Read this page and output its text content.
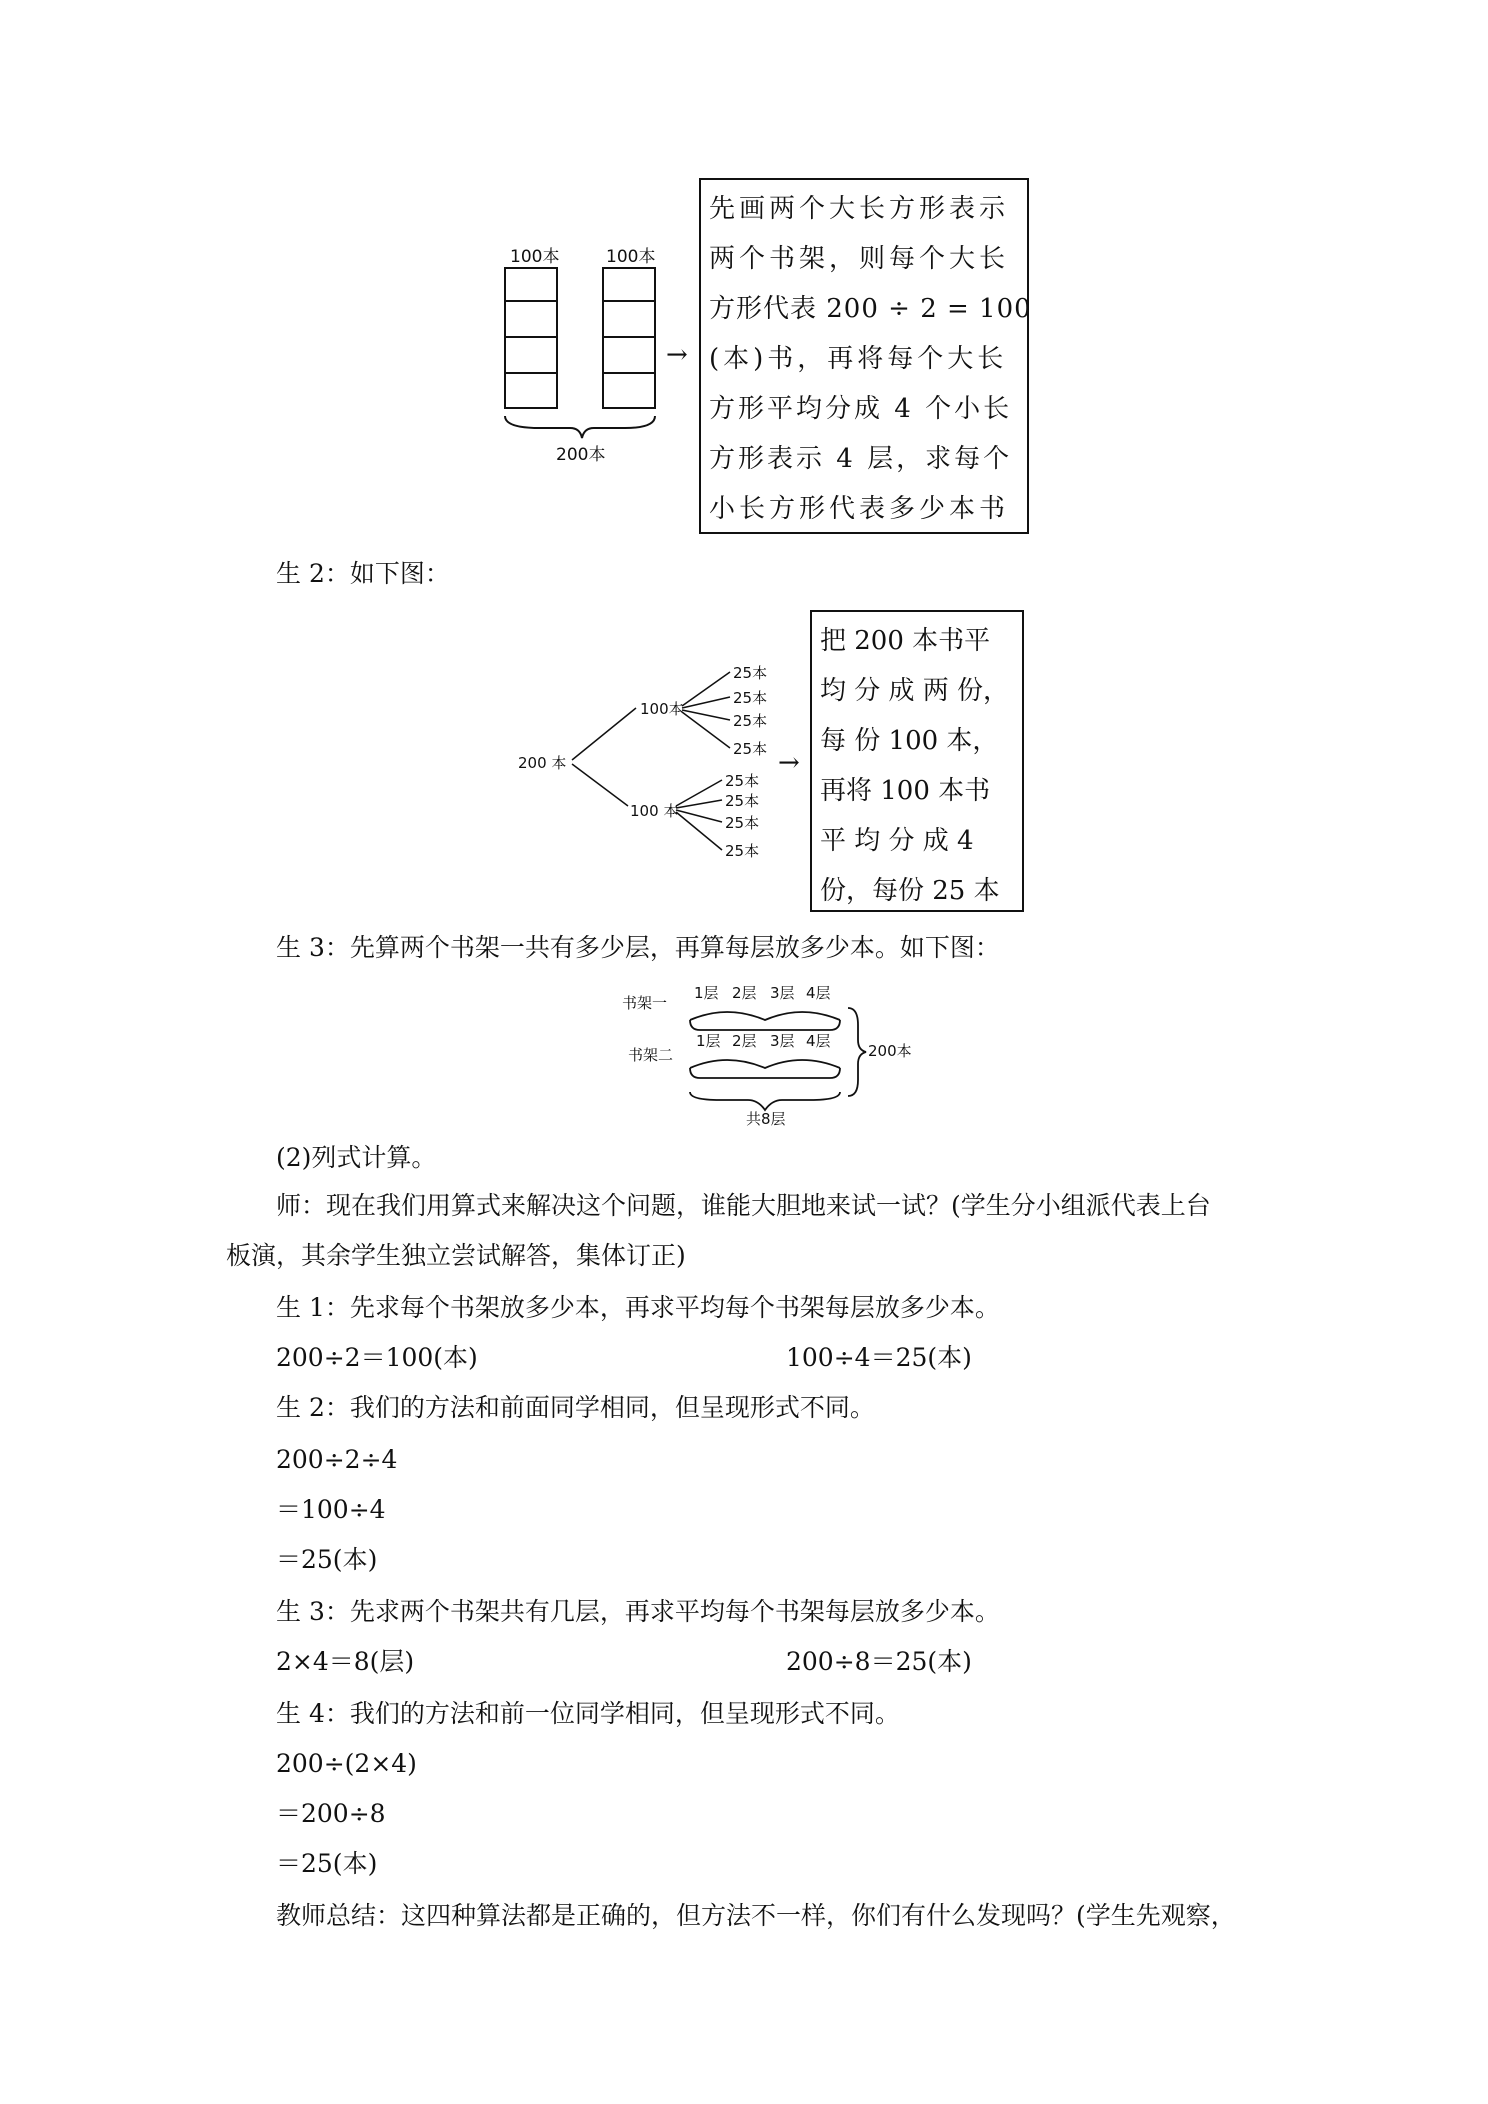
100本	100本
200本
→
先画两个大长方形表示
两个书架，则每个大长
方形代表 200 ÷ 2 = 100
(本)书，再将每个大长
方形平均分成 4 个小长
方形表示 4 层，求每个
小长方形代表多少本书
生 2：如下图：
200 本
100本
100 本
25本
25本
25本
25本
25本
25本
25本
25本
→
把 200 本书平
均 分 成 两 份，
每 份 100 本，
再将 100 本书
平 均 分 成 4
份，每份 25 本
生 3：先算两个书架一共有多少层，再算每层放多少本。如下图：
书架一
书架二
1层 2层 3层 4层
1层 2层 3层 4层
200本
共8层
(2)列式计算。
师：现在我们用算式来解决这个问题，谁能大胆地来试一试？(学生分小组派代表上台
板演，其余学生独立尝试解答，集体订正)
生 1：先求每个书架放多少本，再求平均每个书架每层放多少本。
200÷2＝100(本)	100÷4＝25(本)
生 2：我们的方法和前面同学相同，但呈现形式不同。
200÷2÷4
＝100÷4
＝25(本)
生 3：先求两个书架共有几层，再求平均每个书架每层放多少本。
2×4＝8(层)	200÷8＝25(本)
生 4：我们的方法和前一位同学相同，但呈现形式不同。
200÷(2×4)
＝200÷8
＝25(本)
教师总结：这四种算法都是正确的，但方法不一样，你们有什么发现吗？(学生先观察，
